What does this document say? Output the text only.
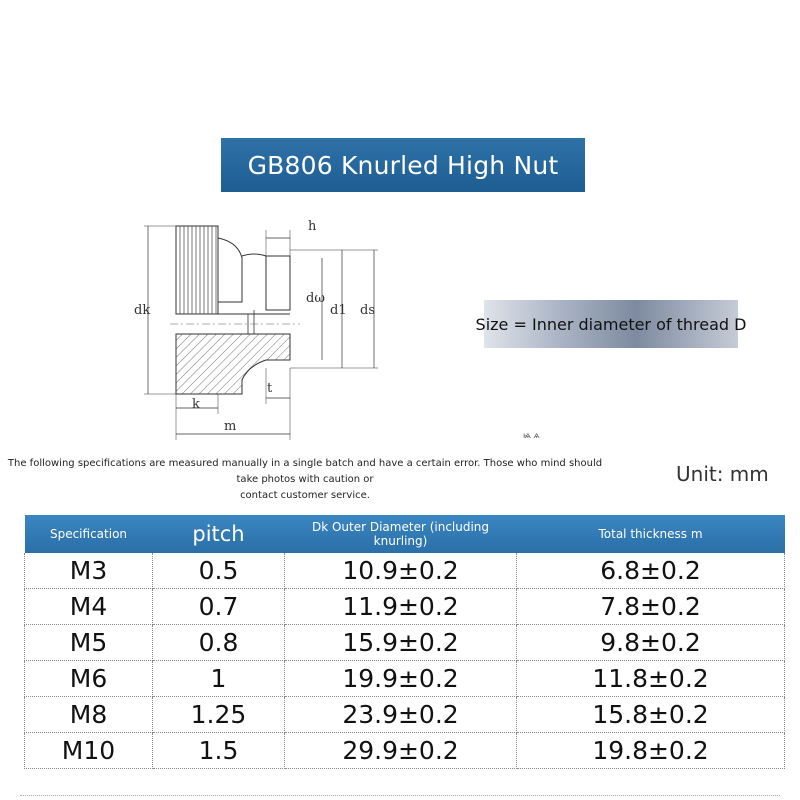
GB806 Knurled High Nut
dk
h
dω
d1 ds
t
k
m
Size = Inner diameter of thread D
ѩ ѧ
The following specifications are measured manually in a single batch and have a certain error. Those who mind should take photos with caution or
contact customer service.
Unit: mm
Specification	pitch	Dk Outer Diameter (including knurling)	Total thickness m
M3	0.5	10.9±0.2	6.8±0.2
M4	0.7	11.9±0.2	7.8±0.2
M5	0.8	15.9±0.2	9.8±0.2
M6	1	19.9±0.2	11.8±0.2
M8	1.25	23.9±0.2	15.8±0.2
M10	1.5	29.9±0.2	19.8±0.2
